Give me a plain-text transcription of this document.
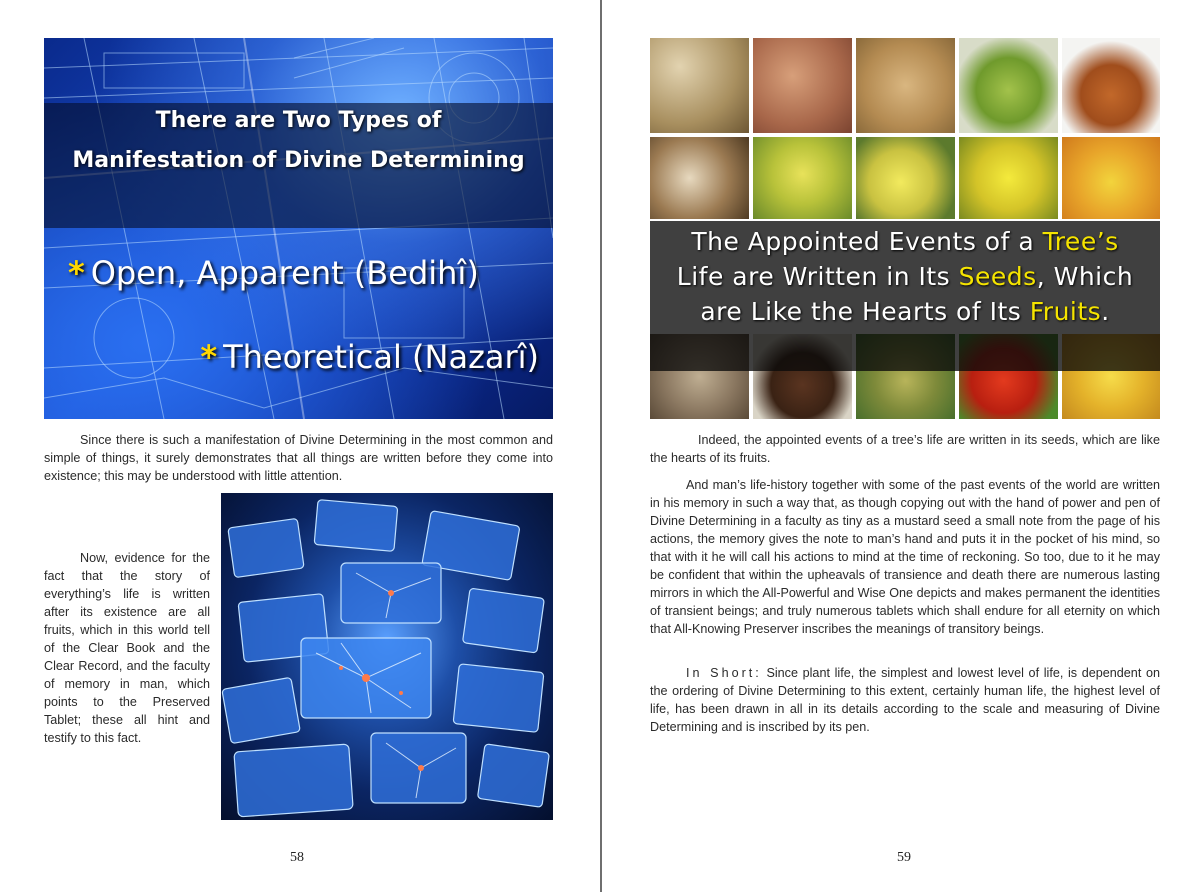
There are Two Types of
Manifestation of Divine Determining
* Open, Apparent (Bedihî)
* Theoretical (Nazarî)

Since there is such a manifestation of Divine Determining in the most common and simple of things, it surely demonstrates that all things are written before they come into existence; this may be understood with little attention.

Now, evidence for the fact that the story of everything’s life is written after its existence are all fruits, which in this world tell of the Clear Book and the Clear Record, and the faculty of memory in man, which points to the Preserved Tablet; these all hint and testify to this fact.

58
The Appointed Events of a Tree’s
Life are Written in Its Seeds, Which
are Like the Hearts of Its Fruits.

Indeed, the appointed events of a tree’s life are written in its seeds, which are like the hearts of its fruits.

And man’s life-history together with some of the past events of the world are written in his memory in such a way that, as though copying out with the hand of power and pen of Divine Determining in a faculty as tiny as a mustard seed a small note from the page of his actions, the memory gives the note to man’s hand and puts it in the pocket of his mind, so that with it he will call his actions to mind at the time of reckoning. So too, due to it he may be confident that within the upheavals of transience and death there are numerous lasting mirrors in which the All-Powerful and Wise One depicts and makes permanent the identities of transient beings; and truly numerous tablets which shall endure for all eternity on which that All-Knowing Preserver inscribes the meanings of transitory beings.

In Short: Since plant life, the simplest and lowest level of life, is dependent on the ordering of Divine Determining to this extent, certainly human life, the highest level of life, has been drawn in all in its details according to the scale and measuring of Divine Determining and is inscribed by its pen.

59
